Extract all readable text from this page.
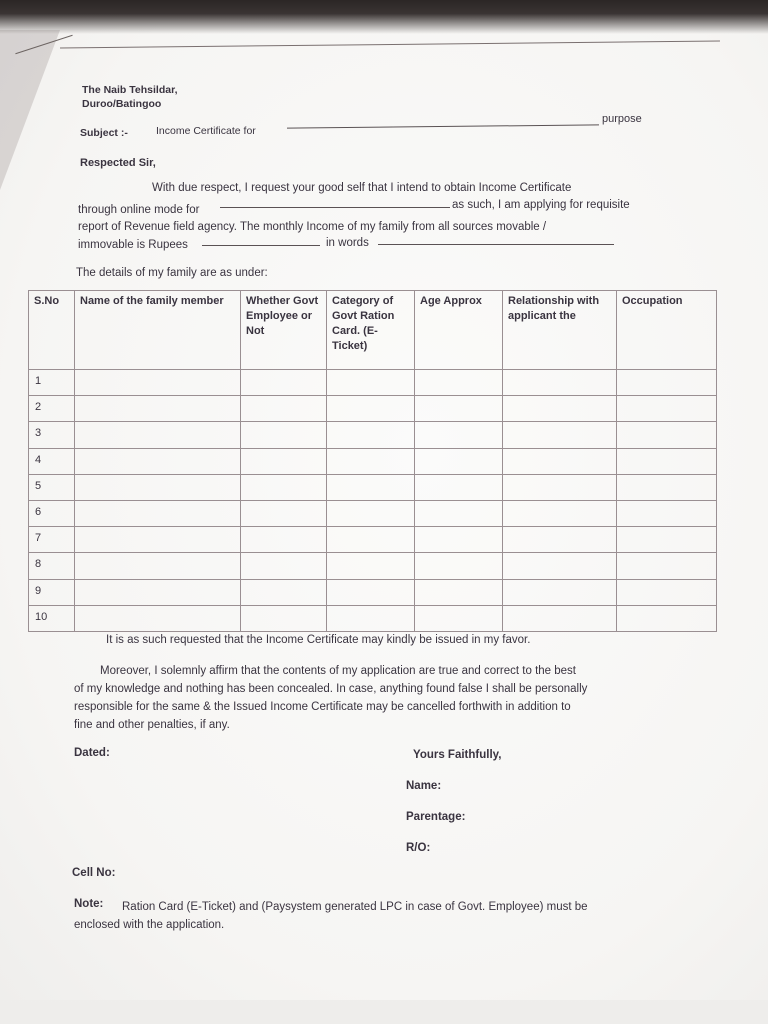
The Naib Tehsildar,
Duroo/Batingoo
Subject :-	Income Certificate for
purpose
Respected Sir,
With due respect, I request your good self that I intend to obtain Income Certificate
through online mode for	as such, I am applying for requisite
report of Revenue field agency. The monthly Income of my family from all sources movable /
immovable is Rupees	in words
The details of my family are as under:
S.No	Name of the family member	Whether Govt Employee or Not	Category of Govt Ration Card. (E-Ticket)	Age Approx	Relationship with applicant the	Occupation
1						
2						
3						
4						
5						
6						
7						
8						
9						
10						
It is as such requested that the Income Certificate may kindly be issued in my favor.
Moreover, I solemnly affirm that the contents of my application are true and correct to the best
of my knowledge and nothing has been concealed. In case, anything found false I shall be personally
responsible for the same & the Issued Income Certificate may be cancelled forthwith in addition to
fine and other penalties, if any.
Dated:	Yours Faithfully,
Name:
Parentage:
R/O:
Cell No:
Note: Ration Card (E-Ticket) and (Paysystem generated LPC in case of Govt. Employee) must be
enclosed with the application.
